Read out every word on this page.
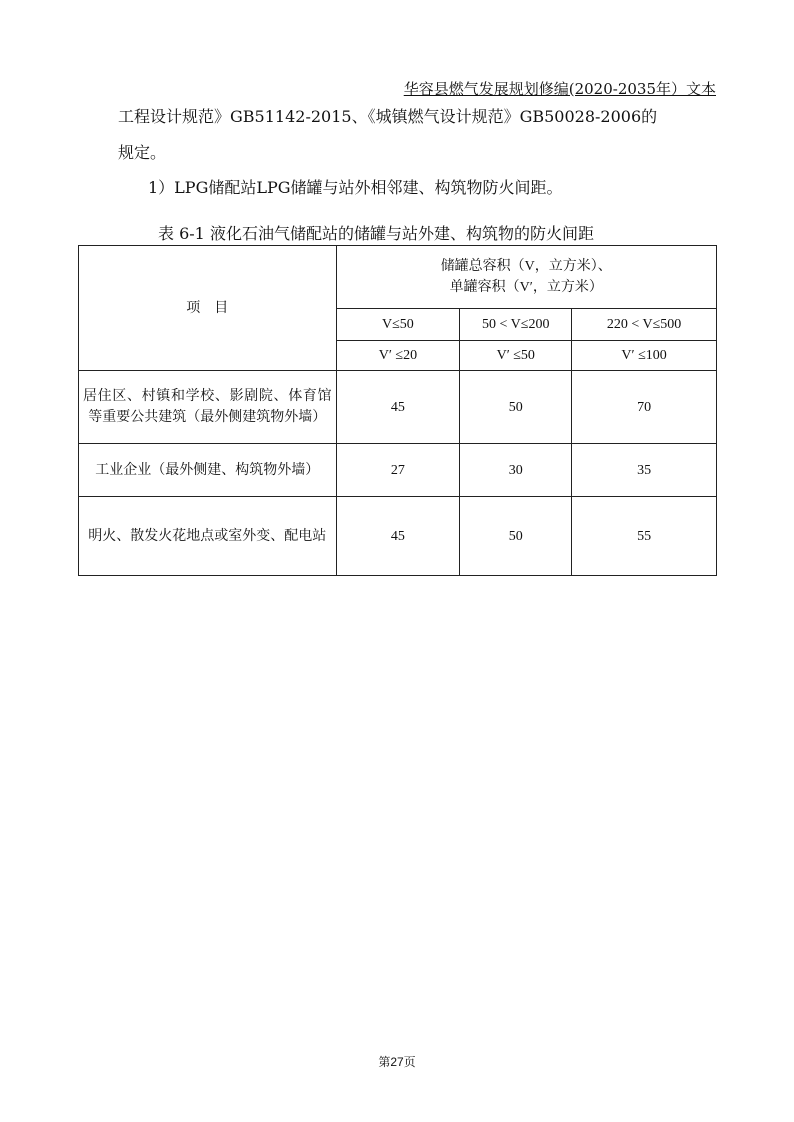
华容县燃气发展规划修编(2020-2035年）文本
工程设计规范》GB51142-2015、《城镇燃气设计规范》GB50028-2006的
规定。
1）LPG储配站LPG储罐与站外相邻建、构筑物防火间距。
表 6-1 液化石油气储配站的储罐与站外建、构筑物的防火间距
项　目	储罐总容积（V，立方米）、
单罐容积（V′，立方米）		

	V≤50	50 < V≤200	220 < V≤500
	V′ ≤20	V′ ≤50	V′ ≤100
居住区、村镇和学校、影剧院、体育馆等重要公共建筑（最外侧建筑物外墙）	45	50	70
工业企业（最外侧建、构筑物外墙）	27	30	35
明火、散发火花地点或室外变、配电站	45	50	55
第27页
